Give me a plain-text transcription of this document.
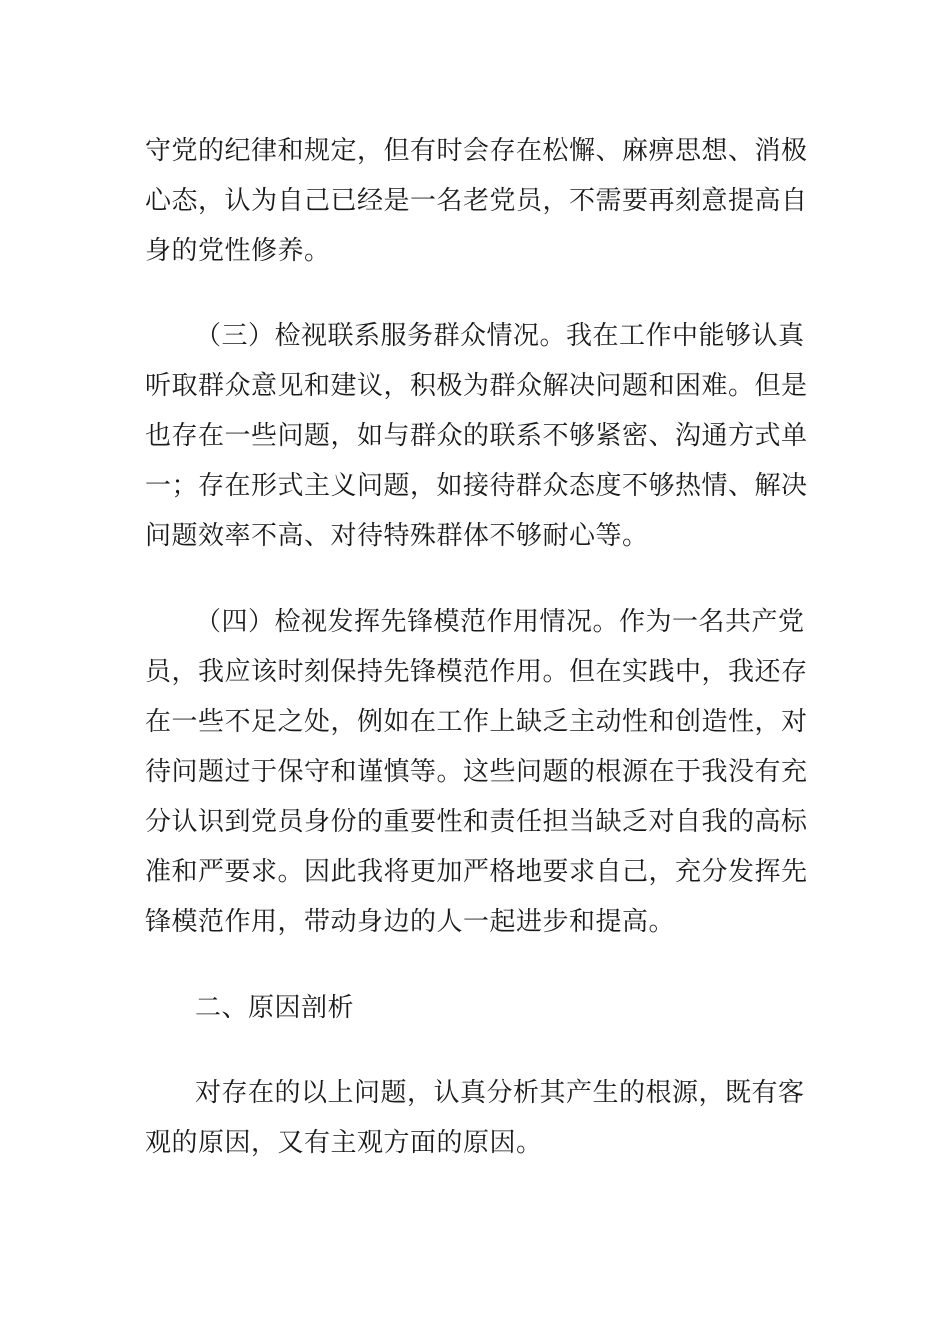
守党的纪律和规定，但有时会存在松懈、麻痹思想、消极
心态，认为自己已经是一名老党员，不需要再刻意提高自
身的党性修养。
（三）检视联系服务群众情况。我在工作中能够认真
听取群众意见和建议，积极为群众解决问题和困难。但是
也存在一些问题，如与群众的联系不够紧密、沟通方式单
一；存在形式主义问题，如接待群众态度不够热情、解决
问题效率不高、对待特殊群体不够耐心等。
（四）检视发挥先锋模范作用情况。作为一名共产党
员，我应该时刻保持先锋模范作用。但在实践中，我还存
在一些不足之处，例如在工作上缺乏主动性和创造性，对
待问题过于保守和谨慎等。这些问题的根源在于我没有充
分认识到党员身份的重要性和责任担当缺乏对自我的高标
准和严要求。因此我将更加严格地要求自己，充分发挥先
锋模范作用，带动身边的人一起进步和提高。
二、原因剖析
对存在的以上问题，认真分析其产生的根源，既有客
观的原因，又有主观方面的原因。
